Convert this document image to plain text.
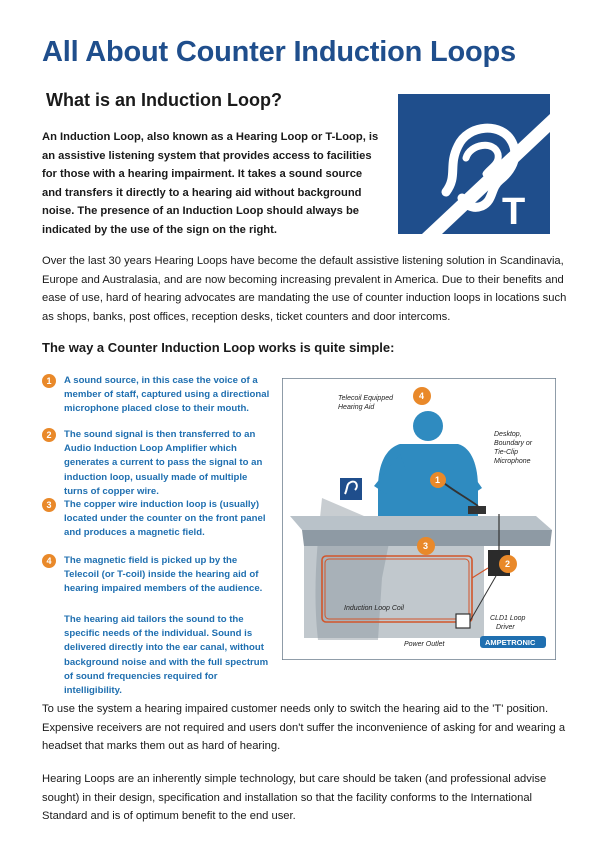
All About Counter Induction Loops
What is an Induction Loop?
T

An Induction Loop, also known as a Hearing Loop or T-Loop, is an assistive listening system that provides access to facilities for those with a hearing impairment. It takes a sound source and transfers it directly to a hearing aid without background noise. The presence of an Induction Loop should always be indicated by the use of the sign on the right.

Over the last 30 years Hearing Loops have become the default assistive listening solution in Scandinavia, Europe and Australasia, and are now becoming increasing prevalent in America. Due to their benefits and ease of use, hard of hearing advocates are mandating the use of counter induction loops in locations such as shops, banks, post offices, reception desks, ticket counters and door intercoms.

The way a Counter Induction Loop works is quite simple:
1	A sound source, in this case the voice of a member of staff, captured using a directional microphone placed close to their mouth.

2	The sound signal is then transferred to an Audio Induction Loop Amplifier which generates a current to pass the signal to an induction loop, usually made of multiple turns of copper wire.

3	The copper wire induction loop is (usually) located under the counter on the front panel and produces a magnetic field.

4	The magnetic field is picked up by the Telecoil (or T-coil) inside the hearing aid of hearing impaired members of the audience.

The hearing aid tailors the sound to the specific needs of the individual. Sound is delivered directly into the ear canal, without background noise and with the full spectrum of sound frequencies required for intelligibility.

4
1
3
2
Telecoil Equipped
Hearing Aid
Desktop,
Boundary or
Tie-Clip
Microphone
Induction Loop Coil
CLD1 Loop
Driver
Power Outlet	AMPETRONIC

To use the system a hearing impaired customer needs only to switch the hearing aid to the 'T' position. Expensive receivers are not required and users don't suffer the inconvenience of asking for and wearing a headset that marks them out as hard of hearing.

Hearing Loops are an inherently simple technology, but care should be taken (and professional advise sought) in their design, specification and installation so that the facility conforms to the International Standard and is of optimum benefit to the end user.
